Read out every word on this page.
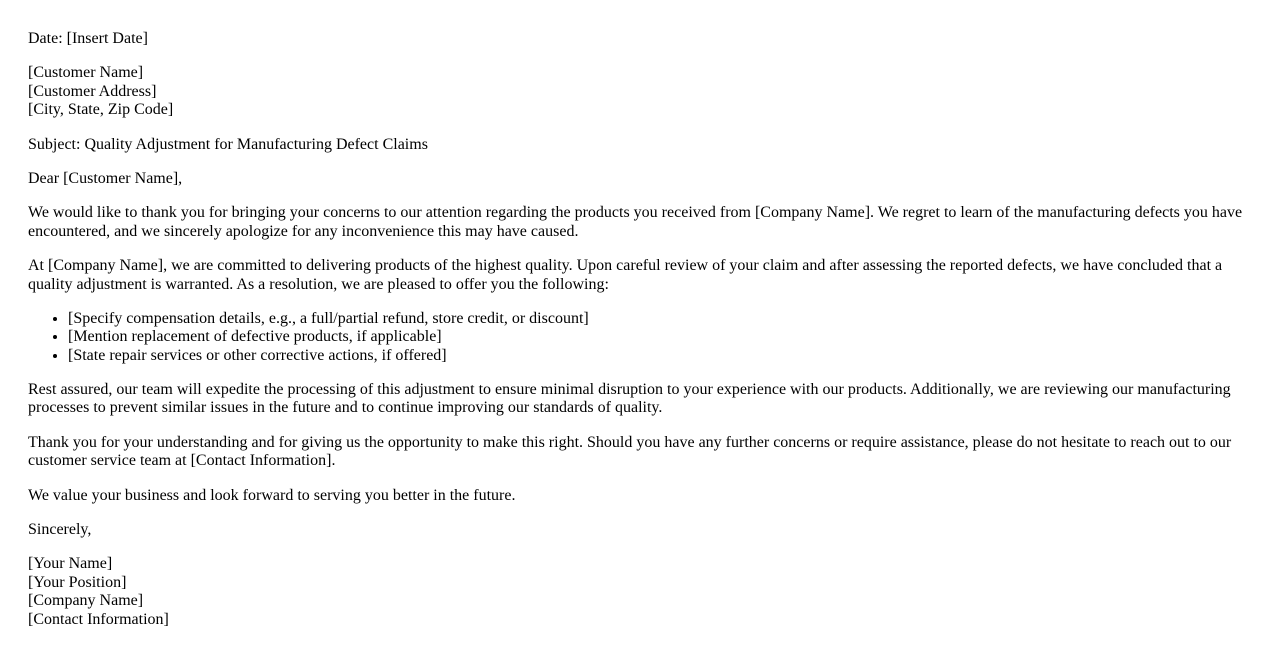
Date: [Insert Date]

[Customer Name]
[Customer Address]
[City, State, Zip Code]

Subject: Quality Adjustment for Manufacturing Defect Claims

Dear [Customer Name],

We would like to thank you for bringing your concerns to our attention regarding the products you received from [Company Name]. We regret to learn of the manufacturing defects you have encountered, and we sincerely apologize for any inconvenience this may have caused.

At [Company Name], we are committed to delivering products of the highest quality. Upon careful review of your claim and after assessing the reported defects, we have concluded that a quality adjustment is warranted. As a resolution, we are pleased to offer you the following:

• [Specify compensation details, e.g., a full/partial refund, store credit, or discount]
• [Mention replacement of defective products, if applicable]
• [State repair services or other corrective actions, if offered]

Rest assured, our team will expedite the processing of this adjustment to ensure minimal disruption to your experience with our products. Additionally, we are reviewing our manufacturing processes to prevent similar issues in the future and to continue improving our standards of quality.

Thank you for your understanding and for giving us the opportunity to make this right. Should you have any further concerns or require assistance, please do not hesitate to reach out to our customer service team at [Contact Information].

We value your business and look forward to serving you better in the future.

Sincerely,

[Your Name]
[Your Position]
[Company Name]
[Contact Information]
